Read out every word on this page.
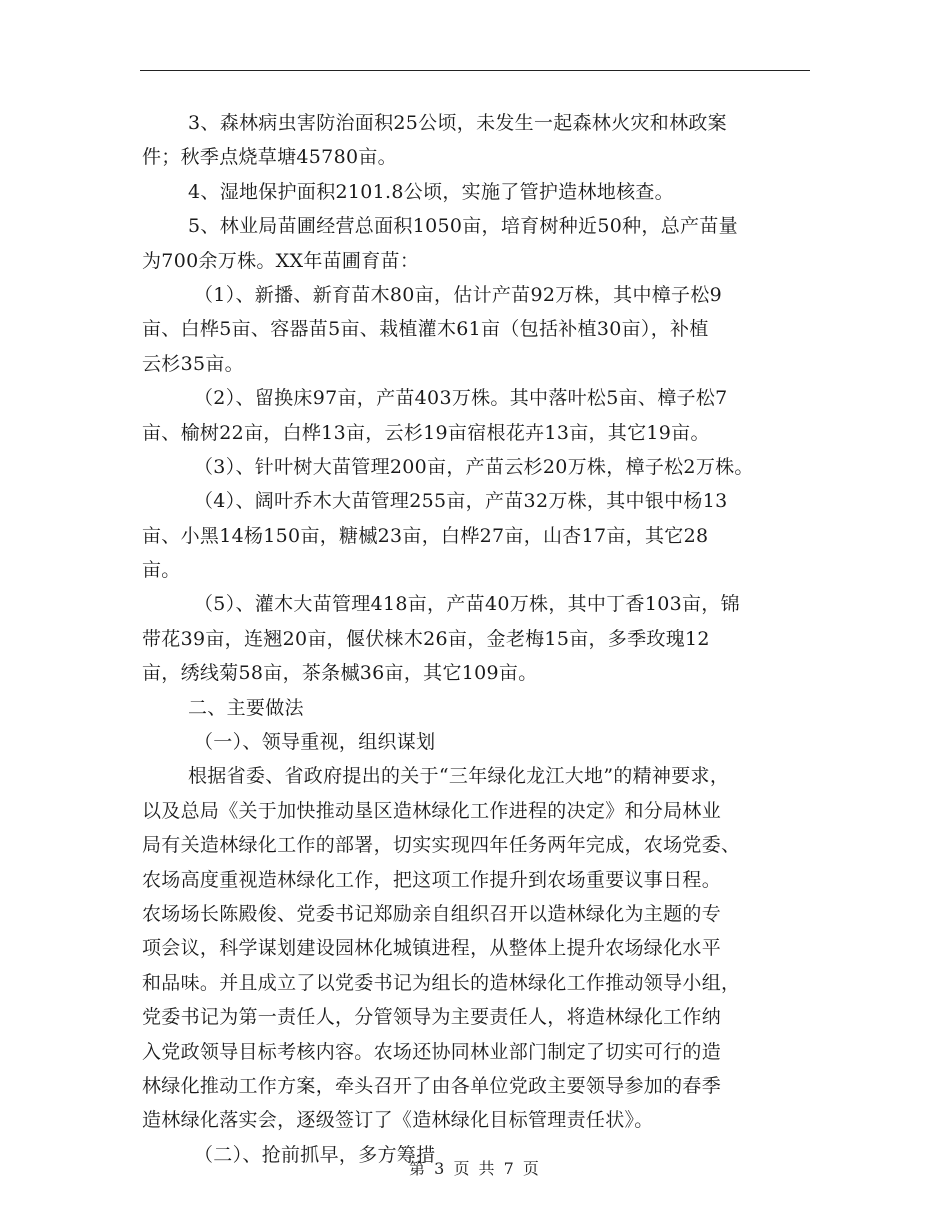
3、森林病虫害防治面积25公顷，未发生一起森林火灾和林政案
件；秋季点烧草塘45780亩。
4、湿地保护面积2101.8公顷，实施了管护造林地核查。
5、林业局苗圃经营总面积1050亩，培育树种近50种，总产苗量
为700余万株。XX年苗圃育苗：
（1）、新播、新育苗木80亩，估计产苗92万株，其中樟子松9
亩、白桦5亩、容器苗5亩、栽植灌木61亩（包括补植30亩），补植
云杉35亩。
（2）、留换床97亩，产苗403万株。其中落叶松5亩、樟子松7
亩、榆树22亩，白桦13亩，云杉19亩宿根花卉13亩，其它19亩。
（3）、针叶树大苗管理200亩，产苗云杉20万株，樟子松2万株。
（4）、阔叶乔木大苗管理255亩，产苗32万株，其中银中杨13
亩、小黑14杨150亩，糖槭23亩，白桦27亩，山杏17亩，其它28
亩。
（5）、灌木大苗管理418亩，产苗40万株，其中丁香103亩，锦
带花39亩，连翘20亩，偃伏梾木26亩，金老梅15亩，多季玫瑰12
亩，绣线菊58亩，茶条槭36亩，其它109亩。
二、主要做法
（一）、领导重视，组织谋划
根据省委、省政府提出的关于“三年绿化龙江大地”的精神要求，
以及总局《关于加快推动垦区造林绿化工作进程的决定》和分局林业
局有关造林绿化工作的部署，切实实现四年任务两年完成，农场党委、
农场高度重视造林绿化工作，把这项工作提升到农场重要议事日程。
农场场长陈殿俊、党委书记郑励亲自组织召开以造林绿化为主题的专
项会议，科学谋划建设园林化城镇进程，从整体上提升农场绿化水平
和品味。并且成立了以党委书记为组长的造林绿化工作推动领导小组，
党委书记为第一责任人，分管领导为主要责任人，将造林绿化工作纳
入党政领导目标考核内容。农场还协同林业部门制定了切实可行的造
林绿化推动工作方案，牵头召开了由各单位党政主要领导参加的春季
造林绿化落实会，逐级签订了《造林绿化目标管理责任状》。
（二）、抢前抓早，多方筹措
第 3 页 共 7 页
